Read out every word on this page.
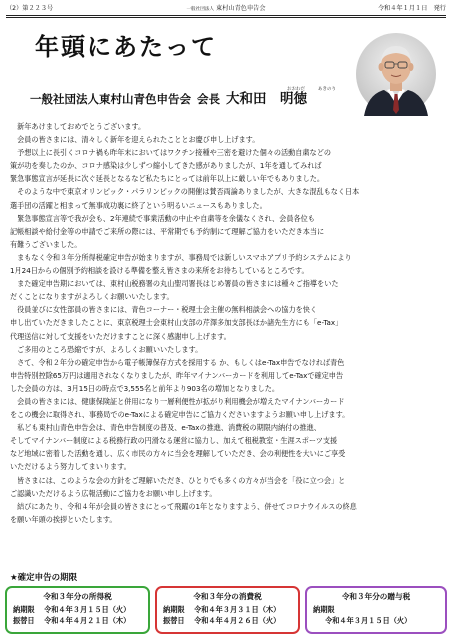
（2）第２２３号	一般社団法人 東村山青色申告会	令和４年１月１日　発行
年頭にあたって
おおわだ	あきのり
一般社団法人東村山青色申告会 会長 大和田　明徳

　新年あけましておめでとうございます。

　会員の皆さまには、清々しく新年を迎えられたこととお慶び申し上げます。

　予想以上に長引くコロナ禍も昨年末においてはワクチン接種や三密を避けた個々の活動自粛などの

策が功を奏したのか、コロナ感染は少しずつ縮小してきた感がありましたが、1年を通してみれば

緊急事態宣言が延長に次ぐ延長となるなど私たちにとっては前年以上に厳しい年でもありました。

　そのような中で東京オリンピック・パラリンピックの開催は賛否両論ありましたが、大きな混乱もなく日本

選手団の活躍と相まって無事成功裏に終了という明るいニュースもありました。

　緊急事態宣言等で我が会も、2年連続で事業活動の中止や自粛等を余儀なくされ、会員各位も

記帳相談や給付金等の申請でご来所の際には、平常期でも予約制にて理解ご協力をいただき本当に

有難うございました。

　まもなく令和３年分所得税確定申告が始まりますが、事務局では新しいスマホアプリ予約システムにより

1月24日からの個別予約相談を設ける準備を整え皆さまの来所をお待ちしているところです。

　また確定申告期においては、東村山税務署の丸山聖司署長はじめ署員の皆さまには種々ご指導をいた

だくことになりますがよろしくお願いいたします。

　役員並びに女性部員の皆さまには、青色コーナー・税理士会主催の無料相談会への協力を快く

申し出ていただきましたことに、東京税理士会東村山支部の芹澤多加支部長ほか諸先生方にも「e-Tax」

代理送信に対して支援をいただけますことに深く感謝申し上げます。

　ご多用のところ恐縮ですが、よろしくお願いいたします。

　さて、令和２年分の確定申告から電子帳簿保存方式を採用する か、もしくはe-Tax申告でなければ青色

申告特別控除65万円は適用されなくなりましたが、昨年マイナンバーカードを利用してe-Taxで確定申告

した会員の方は、3月15日の時点で3,555名と前年より903名の増加となりました。

　会員の皆さまには、健康保険証と併用になり一層利便性が拡がり利用機会が増えたマイナンバーカード

をこの機会に取得され、事務局でのe-Taxによる確定申告にご協力くださいますようお願い申し上げます。

　私ども東村山青色申告会は、青色申告制度の普及、e-Taxの推進、消費税の期限内納付の推進、

そしてマイナンバー制度による税務行政の円滑なる運営に協力し、加えて租税教室・生涯スポーツ支援

など地域に密着した活動を通し、広く市民の方々に当会を理解していただき、会の利便性を大いにご享受

いただけるよう努力してまいります。

　皆さまには、このような会の方針をご理解いただき、ひとりでも多くの方々が当会を「役に立つ会」と

ご認識いただけるよう広報活動にご協力をお願い申し上げます。

　結びにあたり、令和４年が会員の皆さまにとって飛躍の1年となりますよう、併せてコロナウイルスの終息

を願い年頭の挨拶といたします。

★確定申告の期限
令和３年分の所得税
納期限 令和４年３月１５日（火）
振替日 令和４年４月２１日（木）
令和３年分の消費税
納期限 令和４年３月３１日（木）
振替日 令和４年４月２６日（火）
令和３年分の贈与税
納期限
令和４年３月１５日（火）
